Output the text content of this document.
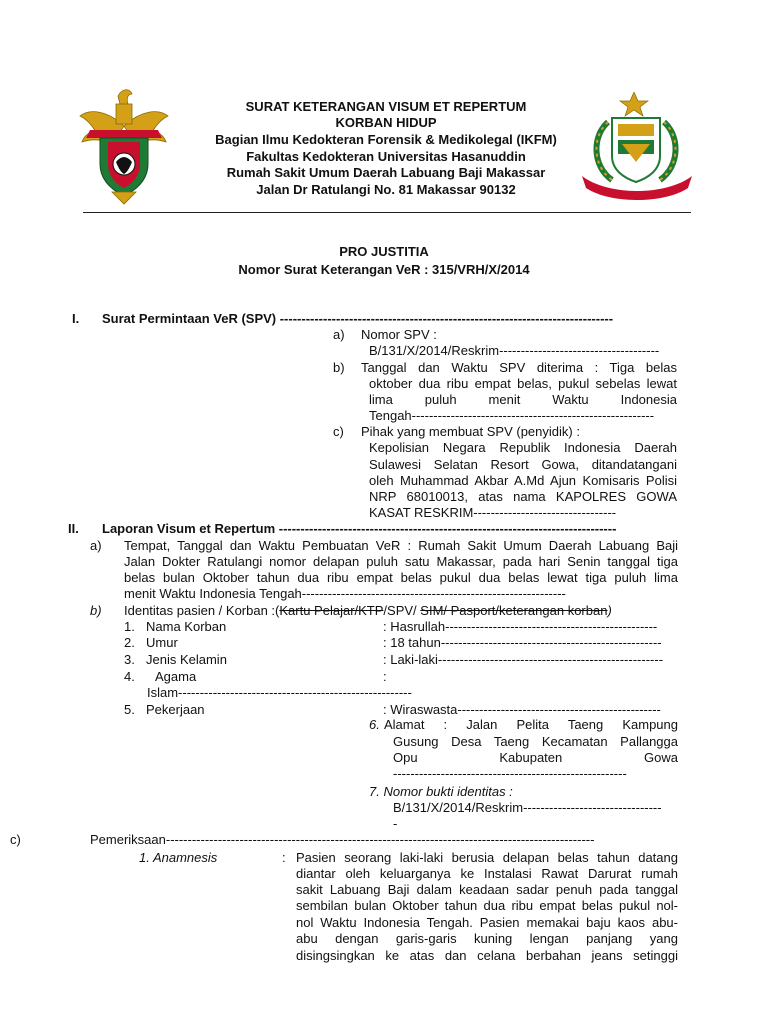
SURAT KETERANGAN VISUM ET REPERTUM
KORBAN HIDUP
Bagian Ilmu Kedokteran Forensik & Medikolegal (IKFM)
Fakultas Kedokteran Universitas Hasanuddin
Rumah Sakit Umum Daerah Labuang Baji Makassar
Jalan Dr Ratulangi No. 81 Makassar 90132
PRO JUSTITIA
Nomor Surat Keterangan VeR : 315/VRH/X/2014
I. Surat Permintaan VeR (SPV) -----------------------------------------------------------------------------
a) Nomor SPV :
B/131/X/2014/Reskrim-------------------------------------
b) Tanggal dan Waktu SPV diterima : Tiga belas
oktober dua ribu empat belas, pukul sebelas lewat
lima puluh menit Waktu Indonesia
Tengah--------------------------------------------------------
c) Pihak yang membuat SPV (penyidik) :
Kepolisian Negara Republik Indonesia Daerah
Sulawesi Selatan Resort Gowa, ditandatangani
oleh Muhammad Akbar A.Md Ajun Komisaris Polisi
NRP 68010013, atas nama KAPOLRES GOWA
KASAT RESKRIM---------------------------------
II. Laporan Visum et Repertum ------------------------------------------------------------------------------
a) Tempat, Tanggal dan Waktu Pembuatan VeR : Rumah Sakit Umum Daerah Labuang Baji
Jalan Dokter Ratulangi nomor delapan puluh satu Makassar, pada hari Senin tanggal tiga
belas bulan Oktober tahun dua ribu empat belas pukul dua belas lewat tiga puluh lima
menit Waktu Indonesia Tengah-------------------------------------------------------------
b) Identitas pasien / Korban :(Kartu Pelajar/KTP/SPV/ SIM/ Pasport/keterangan korban)
1. Nama Korban	: Hasrullah-------------------------------------------------
2. Umur	: 18 tahun---------------------------------------------------
3. Jenis Kelamin	: Laki-laki----------------------------------------------------
4. Agama	:
Islam------------------------------------------------------
5. Pekerjaan	: Wiraswasta-----------------------------------------------
6. Alamat : Jalan Pelita Taeng Kampung
Gusung Desa Taeng Kecamatan Pallangga
Opu Kabupaten Gowa
------------------------------------------------------
7. Nomor bukti identitas :
B/131/X/2014/Reskrim--------------------------------
-
c)	Pemeriksaan---------------------------------------------------------------------------------------------------
1. Anamnesis	: Pasien seorang laki-laki berusia delapan belas tahun datang
diantar oleh keluarganya ke Instalasi Rawat Darurat rumah
sakit Labuang Baji dalam keadaan sadar penuh pada tanggal
sembilan bulan Oktober tahun dua ribu empat belas pukul nol-
nol Waktu Indonesia Tengah. Pasien memakai baju kaos abu-
abu dengan garis-garis kuning lengan panjang yang
disingsingkan ke atas dan celana berbahan jeans setinggi
